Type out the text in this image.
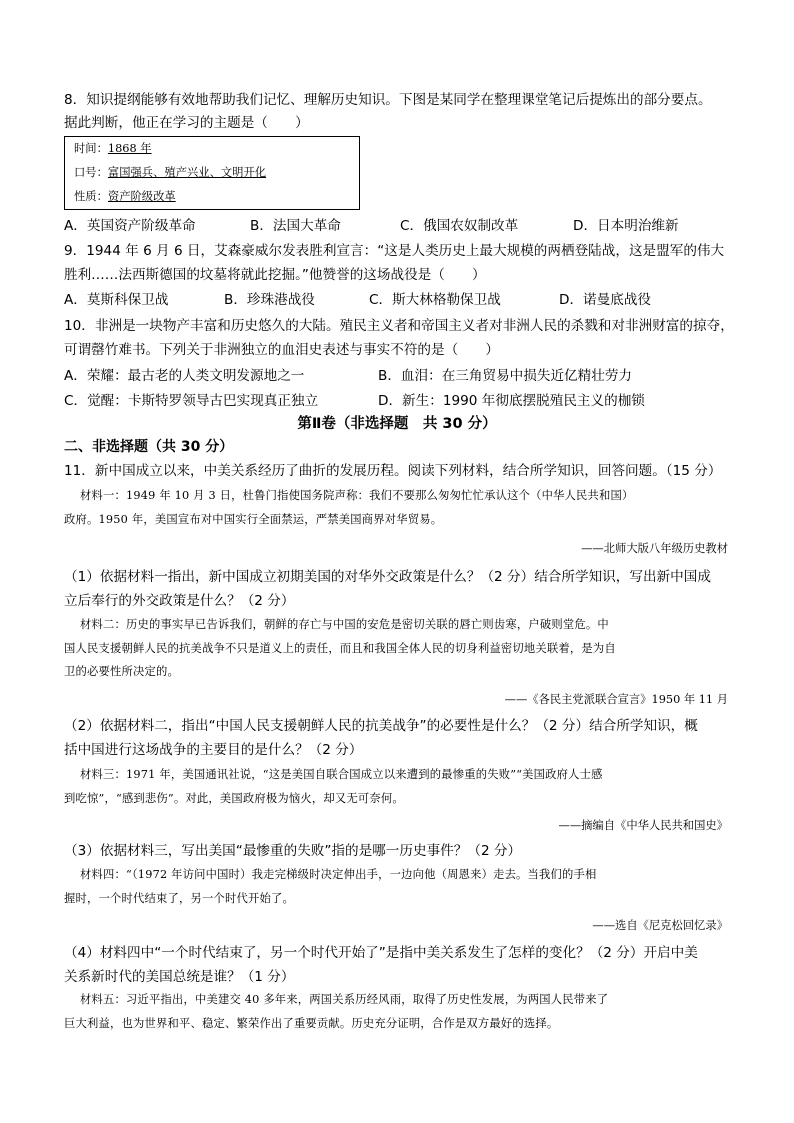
8．知识提纲能够有效地帮助我们记忆、理解历史知识。下图是某同学在整理课堂笔记后提炼出的部分要点。
据此判断，他正在学习的主题是（　　）
时间：1868 年
口号：富国强兵、殖产兴业、文明开化
性质：资产阶级改革
A．英国资产阶级革命	B．法国大革命	C．俄国农奴制改革	D．日本明治维新
9．1944 年 6 月 6 日，艾森豪威尔发表胜利宣言：“这是人类历史上最大规模的两栖登陆战，这是盟军的伟大
胜利……法西斯德国的坟墓将就此挖掘。”他赞誉的这场战役是（　　）
A．莫斯科保卫战	B．珍珠港战役	C．斯大林格勒保卫战	D．诺曼底战役
10．非洲是一块物产丰富和历史悠久的大陆。殖民主义者和帝国主义者对非洲人民的杀戮和对非洲财富的掠夺，
可谓罄竹难书。下列关于非洲独立的血泪史表述与事实不符的是（　　）
A．荣耀：最古老的人类文明发源地之一	B．血泪：在三角贸易中损失近亿精壮劳力
C．觉醒：卡斯特罗领导古巴实现真正独立	D．新生：1990 年彻底摆脱殖民主义的枷锁
第Ⅱ卷（非选择题　共 30 分）
二、非选择题（共 30 分）
11．新中国成立以来，中美关系经历了曲折的发展历程。阅读下列材料，结合所学知识，回答问题。（15 分）
材料一：1949 年 10 月 3 日，杜鲁门指使国务院声称：我们不要那么匆匆忙忙承认这个（中华人民共和国）
政府。1950 年，美国宣布对中国实行全面禁运，严禁美国商界对华贸易。
——北师大版八年级历史教材
（1）依据材料一指出，新中国成立初期美国的对华外交政策是什么？（2 分）结合所学知识，写出新中国成
立后奉行的外交政策是什么？（2 分）
材料二：历史的事实早已告诉我们，朝鲜的存亡与中国的安危是密切关联的唇亡则齿寒，户破则堂危。中
国人民支援朝鲜人民的抗美战争不只是道义上的责任，而且和我国全体人民的切身利益密切地关联着，是为自
卫的必要性所决定的。
——《各民主党派联合宣言》1950 年 11 月
（2）依据材料二，指出“中国人民支援朝鲜人民的抗美战争”的必要性是什么？（2 分）结合所学知识，概
括中国进行这场战争的主要目的是什么？（2 分）
材料三：1971 年，美国通讯社说，“这是美国自联合国成立以来遭到的最惨重的失败”“美国政府人士感
到吃惊”，“感到悲伤”。对此，美国政府极为恼火，却又无可奈何。
——摘编自《中华人民共和国史》
（3）依据材料三，写出美国“最惨重的失败”指的是哪一历史事件？（2 分）
材料四：“（1972 年访问中国时）我走完梯级时决定伸出手，一边向他（周恩来）走去。当我们的手相
握时，一个时代结束了，另一个时代开始了。
——选自《尼克松回忆录》
（4）材料四中“一个时代结束了，另一个时代开始了”是指中美关系发生了怎样的变化？（2 分）开启中美
关系新时代的美国总统是谁？（1 分）
材料五：习近平指出，中美建交 40 多年来，两国关系历经风雨，取得了历史性发展，为两国人民带来了
巨大利益，也为世界和平、稳定、繁荣作出了重要贡献。历史充分证明，合作是双方最好的选择。
